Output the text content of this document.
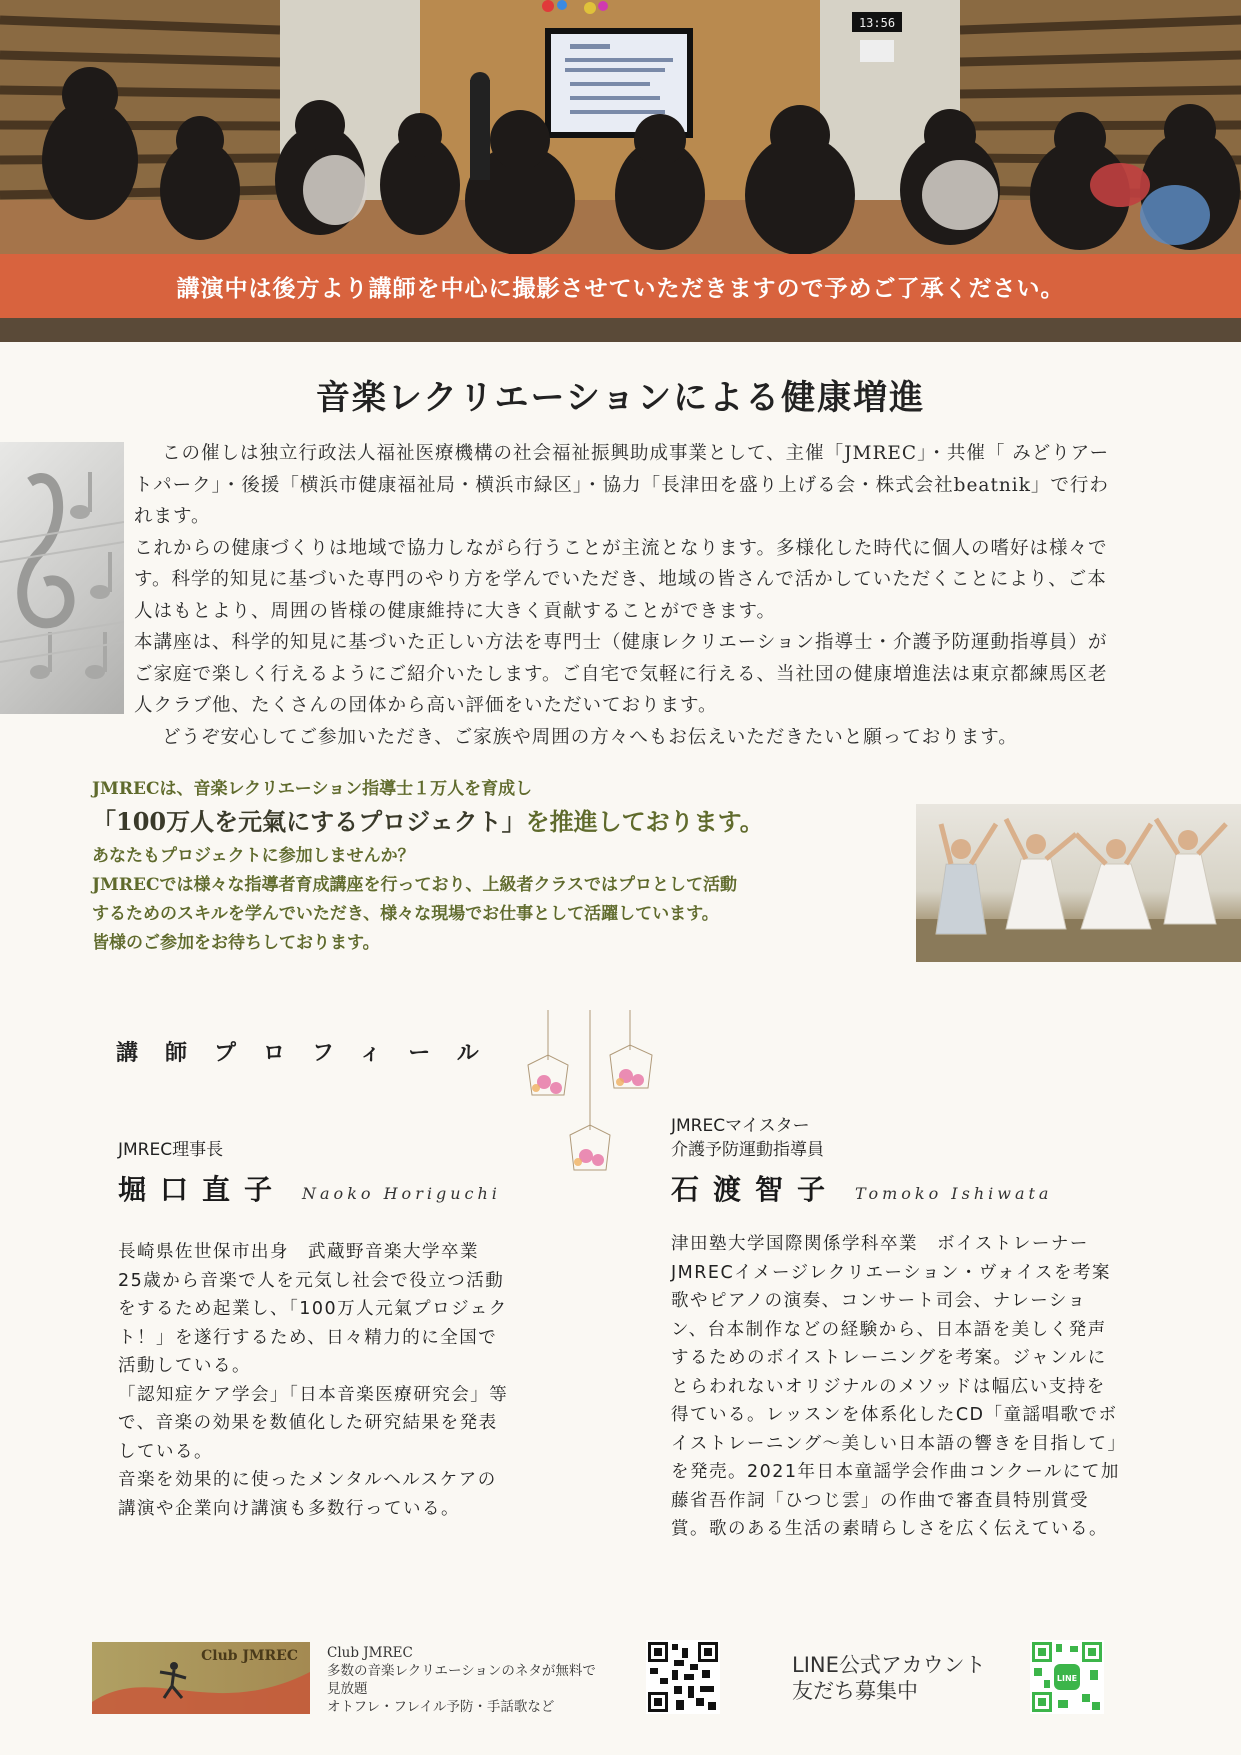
13:56
講演中は後方より講師を中心に撮影させていただきますので予めご了承ください。
音楽レクリエーションによる健康増進

この催しは独立行政法人福祉医療機構の社会福祉振興助成事業として、主催「JMREC」・共催「 みどりアートパーク」・後援「横浜市健康福祉局・横浜市緑区」・協力「長津田を盛り上げる会・株式会社beatnik」で行われます。

これからの健康づくりは地域で協力しながら行うことが主流となります。多様化した時代に個人の嗜好は様々です。科学的知見に基づいた専門のやり方を学んでいただき、地域の皆さんで活かしていただくことにより、ご本人はもとより、周囲の皆様の健康維持に大きく貢献することができます。

本講座は、科学的知見に基づいた正しい方法を専門士（健康レクリエーション指導士・介護予防運動指導員）がご家庭で楽しく行えるようにご紹介いたします。ご自宅で気軽に行える、当社団の健康増進法は東京都練馬区老人クラブ他、たくさんの団体から高い評価をいただいております。

どうぞ安心してご参加いただき、ご家族や周囲の方々へもお伝えいただきたいと願っております。

JMRECは、音楽レクリエーション指導士１万人を育成し
「100万人を元氣にするプロジェクト」を推進しております。
あなたもプロジェクトに参加しませんか？
JMRECでは様々な指導者育成講座を行っており、上級者クラスではプロとして活動
するためのスキルを学んでいただき、様々な現場でお仕事として活躍しています。
皆様のご参加をお待ちしております。
講師プロフィール
JMREC理事長
堀口直子 Naoko Horiguchi
長崎県佐世保市出身　武蔵野音楽大学卒業
25歳から音楽で人を元気し社会で役立つ活動
をするため起業し、「100万人元氣プロジェク
ト！」を遂行するため、日々精力的に全国で
活動している。
「認知症ケア学会」「日本音楽医療研究会」等
で、音楽の効果を数値化した研究結果を発表
している。
音楽を効果的に使ったメンタルヘルスケアの
講演や企業向け講演も多数行っている。
JMRECマイスター
介護予防運動指導員
石渡智子 Tomoko Ishiwata
津田塾大学国際関係学科卒業　ボイストレーナー
JMRECイメージレクリエーション・ヴォイスを考案
歌やピアノの演奏、コンサート司会、ナレーショ
ン、台本制作などの経験から、日本語を美しく発声
するためのボイストレーニングを考案。ジャンルに
とらわれないオリジナルのメソッドは幅広い支持を
得ている。レッスンを体系化したCD「童謡唱歌でボ
イストレーニング～美しい日本語の響きを目指して」
を発売。2021年日本童謡学会作曲コンクールにて加
藤省吾作詞「ひつじ雲」の作曲で審査員特別賞受
賞。歌のある生活の素晴らしさを広く伝えている。
Club JMREC Club JMREC
多数の音楽レクリエーションのネタが無料で
見放題
オトフレ・フレイル予防・手話歌など
LINE公式アカウント
友だち募集中
LINE
